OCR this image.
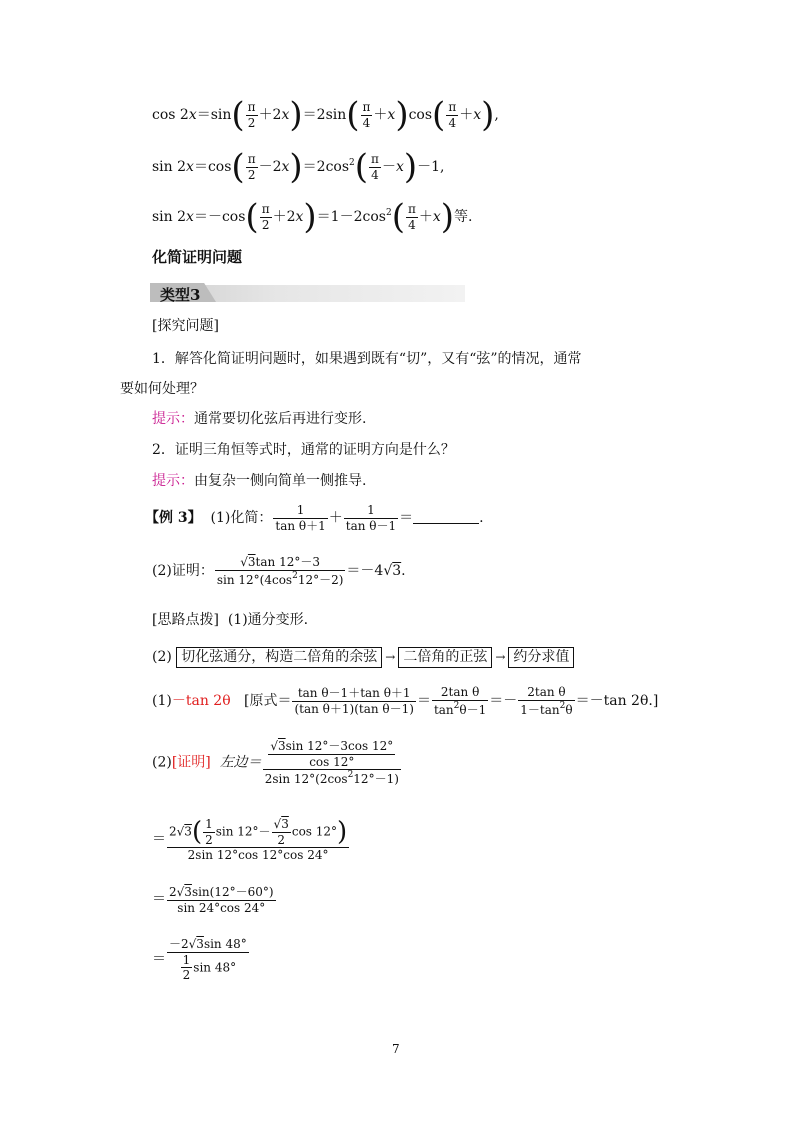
$\cos 2x=\sin( \frac{\pi}{2} +2x)=2\sin( \frac{\pi}{4} +x)\cos( \frac{\pi}{4} +x)$,
$\sin 2x=\cos( \frac{\pi}{2} -2x)=2\cos^2( \frac{\pi}{4} -x)-1$,
$\sin 2x=-\cos( \frac{\pi}{2} +2x)=1-2\cos^2( \frac{\pi}{4} +x)$等.
化简证明问题
类型3
[探究问题]
1．解答化简证明问题时，如果遇到既有“切”，又有“弦”的情况，通常
要如何处理？
提示：通常要切化弦后再进行变形.
2．证明三角恒等式时，通常的证明方向是什么？
提示：由复杂一侧向简单一侧推导.
【例 3】 (1)化简： $\frac{1}{\text{tan θ＋1}} + \frac{1}{\text{tan θ－1}}$ ＝	.
(2)证明： $\frac{√3\tan 12^\circ-3}{\sin 12^\circ(4\cos^212^\circ-2)} =-4√3$.
[思路点拨] (1)通分变形.
(2) 切化弦通分，构造二倍角的余弦 → 二倍角的正弦 → 约分求值
(1)－tan 2θ [原式＝ $\frac{\text{tan θ－1＋tan θ＋1}}{\text{(tan θ＋1)(tan θ－1)}} = \frac{\text{2tan θ}}{\tan^2\theta-1} =- \frac{\text{2tan θ}}{1-\tan^2\theta} =-\tan$ 2θ.]
(2)[证明] 左边＝ $\frac{\frac{√3\sin 12^\circ-3\cos 12^\circ}{\cos 12^\circ}}{2\sin 12^\circ(2\cos^212^\circ-1)}$
＝ $\frac{2√3( \frac{1}{2} \sin 12^\circ- \frac{√3}{2} \cos 12^\circ)}{2\sin 12^\circ\cos 12^\circ\cos 24^\circ}$
＝ $\frac{2√3\sin(12^\circ-60^\circ)}{\sin 24^\circ\cos 24^\circ}$
＝ $\frac{-2√3\sin 48^\circ}{\frac{1}{2} \sin 48^\circ}$
7
